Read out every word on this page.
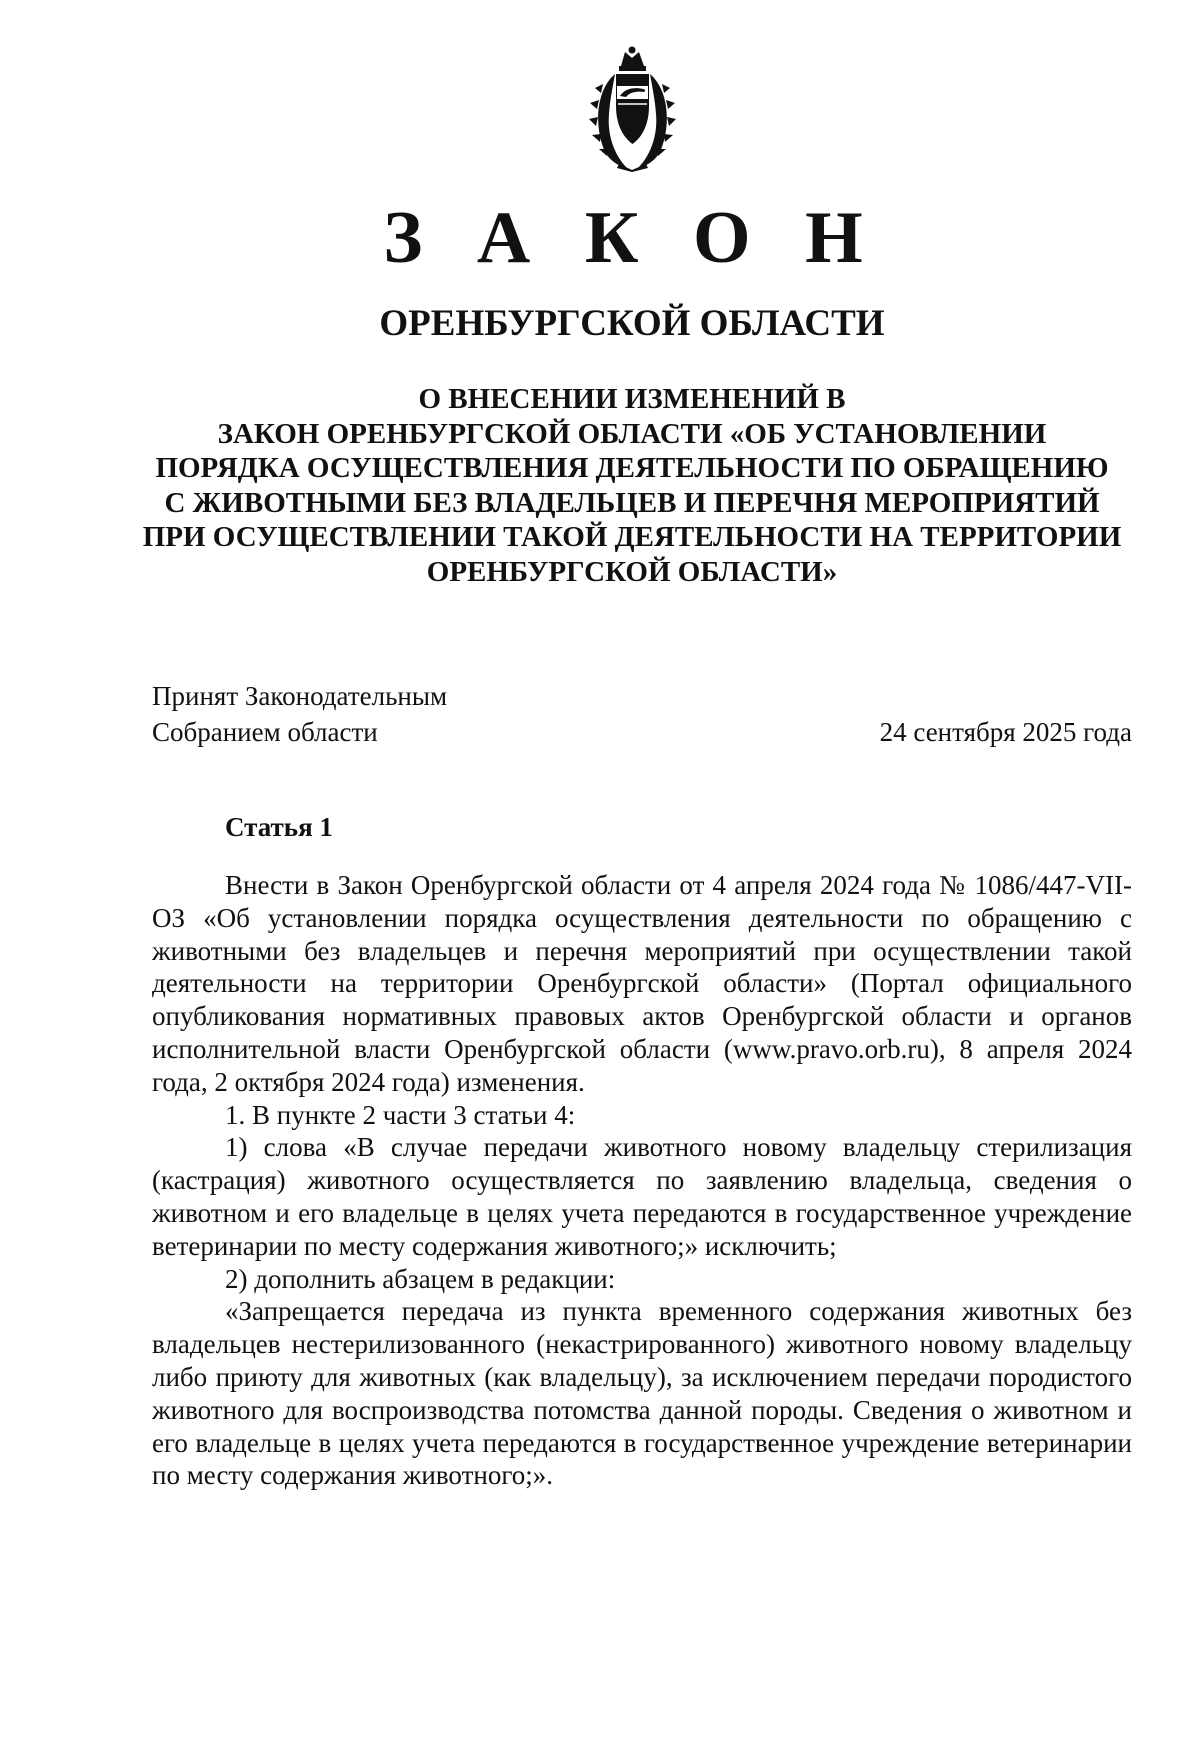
З А К О Н
ОРЕНБУРГСКОЙ ОБЛАСТИ
О ВНЕСЕНИИ ИЗМЕНЕНИЙ В
ЗАКОН ОРЕНБУРГСКОЙ ОБЛАСТИ «ОБ УСТАНОВЛЕНИИ
ПОРЯДКА ОСУЩЕСТВЛЕНИЯ ДЕЯТЕЛЬНОСТИ ПО ОБРАЩЕНИЮ
С ЖИВОТНЫМИ БЕЗ ВЛАДЕЛЬЦЕВ И ПЕРЕЧНЯ МЕРОПРИЯТИЙ
ПРИ ОСУЩЕСТВЛЕНИИ ТАКОЙ ДЕЯТЕЛЬНОСТИ НА ТЕРРИТОРИИ
ОРЕНБУРГСКОЙ ОБЛАСТИ»
Принят Законодательным
Собранием области	24 сентября 2025 года
Статья 1

Внести в Закон Оренбургской области от 4 апреля 2024 года № 1086/447-VII-ОЗ «Об установлении порядка осуществления деятельности по обращению с животными без владельцев и перечня мероприятий при осуществлении такой деятельности на территории Оренбургской области» (Портал официального опубликования нормативных правовых актов Оренбургской области и органов исполнительной власти Оренбургской области (www.pravo.orb.ru), 8 апреля 2024 года, 2 октября 2024 года) изменения.

1. В пункте 2 части 3 статьи 4:

1) слова «В случае передачи животного новому владельцу стерилизация (кастрация) животного осуществляется по заявлению владельца, сведения о животном и его владельце в целях учета передаются в государственное учреждение ветеринарии по месту содержания животного;» исключить;

2) дополнить абзацем в редакции:

«Запрещается передача из пункта временного содержания животных без владельцев нестерилизованного (некастрированного) животного новому владельцу либо приюту для животных (как владельцу), за исключением передачи породистого животного для воспроизводства потомства данной породы. Сведения о животном и его владельце в целях учета передаются в государственное учреждение ветеринарии по месту содержания животного;».
